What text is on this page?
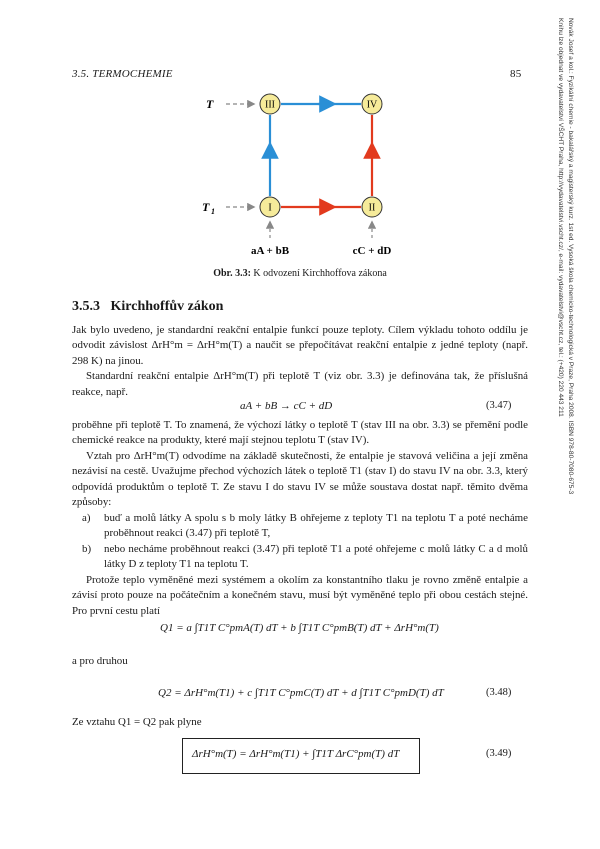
3.5. TERMOCHEMIE	85	Novák Josef a kol.: Fyzikální chemie - bakalářský a magisterský kurz. 1st ed. Vysoká škola chemicko-technologická v Praze, Praha 2008. ISBN 978-80-7080-675-3
Knihu lze objednat ve vydavatelství VŠCHT Praha, http://vydavatelstvi.vscht.cz/, e-mail: vydavatelstvi@vscht.cz, tel.: (+420) 220 443 211
III	IV
I	II
T
T 1
aA + bB	cC + dD
Obr. 3.3: K odvození Kirchhoffova zákona
3.5.3 Kirchhoffův zákon

Jak bylo uvedeno, je standardní reakční entalpie funkcí pouze teploty. Cílem výkladu tohoto oddílu je odvodit závislost ΔrH°m = ΔrH°m(T) a naučit se přepočítávat reakční entalpie z jedné teploty (např. 298 K) na jinou.

Standardní reakční entalpie ΔrH°m(T) při teplotě T (viz obr. 3.3) je definována tak, že příslušná reakce, např.

aA + bB → cC + dD	(3.47)

proběhne při teplotě T. To znamená, že výchozí látky o teplotě T (stav III na obr. 3.3) se přemění podle chemické reakce na produkty, které mají stejnou teplotu T (stav IV).

Vztah pro ΔrH°m(T) odvodíme na základě skutečnosti, že entalpie je stavová veličina a její změna nezávisí na cestě. Uvažujme přechod výchozích látek o teplotě T1 (stav I) do stavu IV na obr. 3.3, který odpovídá produktům o teplotě T. Ze stavu I do stavu IV se může soustava dostat např. těmito dvěma způsoby:

a)	buď a molů látky A spolu s b moly látky B ohřejeme z teploty T1 na teplotu T a poté necháme proběhnout reakci (3.47) při teplotě T,
b)	nebo necháme proběhnout reakci (3.47) při teplotě T1 a poté ohřejeme c molů látky C a d molů látky D z teploty T1 na teplotu T.

Protože teplo vyměněné mezi systémem a okolím za konstantního tlaku je rovno změně entalpie a závisí proto pouze na počátečním a konečném stavu, musí být vyměněné teplo při obou cestách stejné. Pro první cestu platí

Q1 = a ∫T1T C°pmA(T) dT + b ∫T1T C°pmB(T) dT + ΔrH°m(T)
a pro druhou
Q2 = ΔrH°m(T1) + c ∫T1T C°pmC(T) dT + d ∫T1T C°pmD(T) dT	(3.48)
Ze vztahu Q1 = Q2 pak plyne
ΔrH°m(T) = ΔrH°m(T1) + ∫T1T ΔrC°pm(T) dT	(3.49)
